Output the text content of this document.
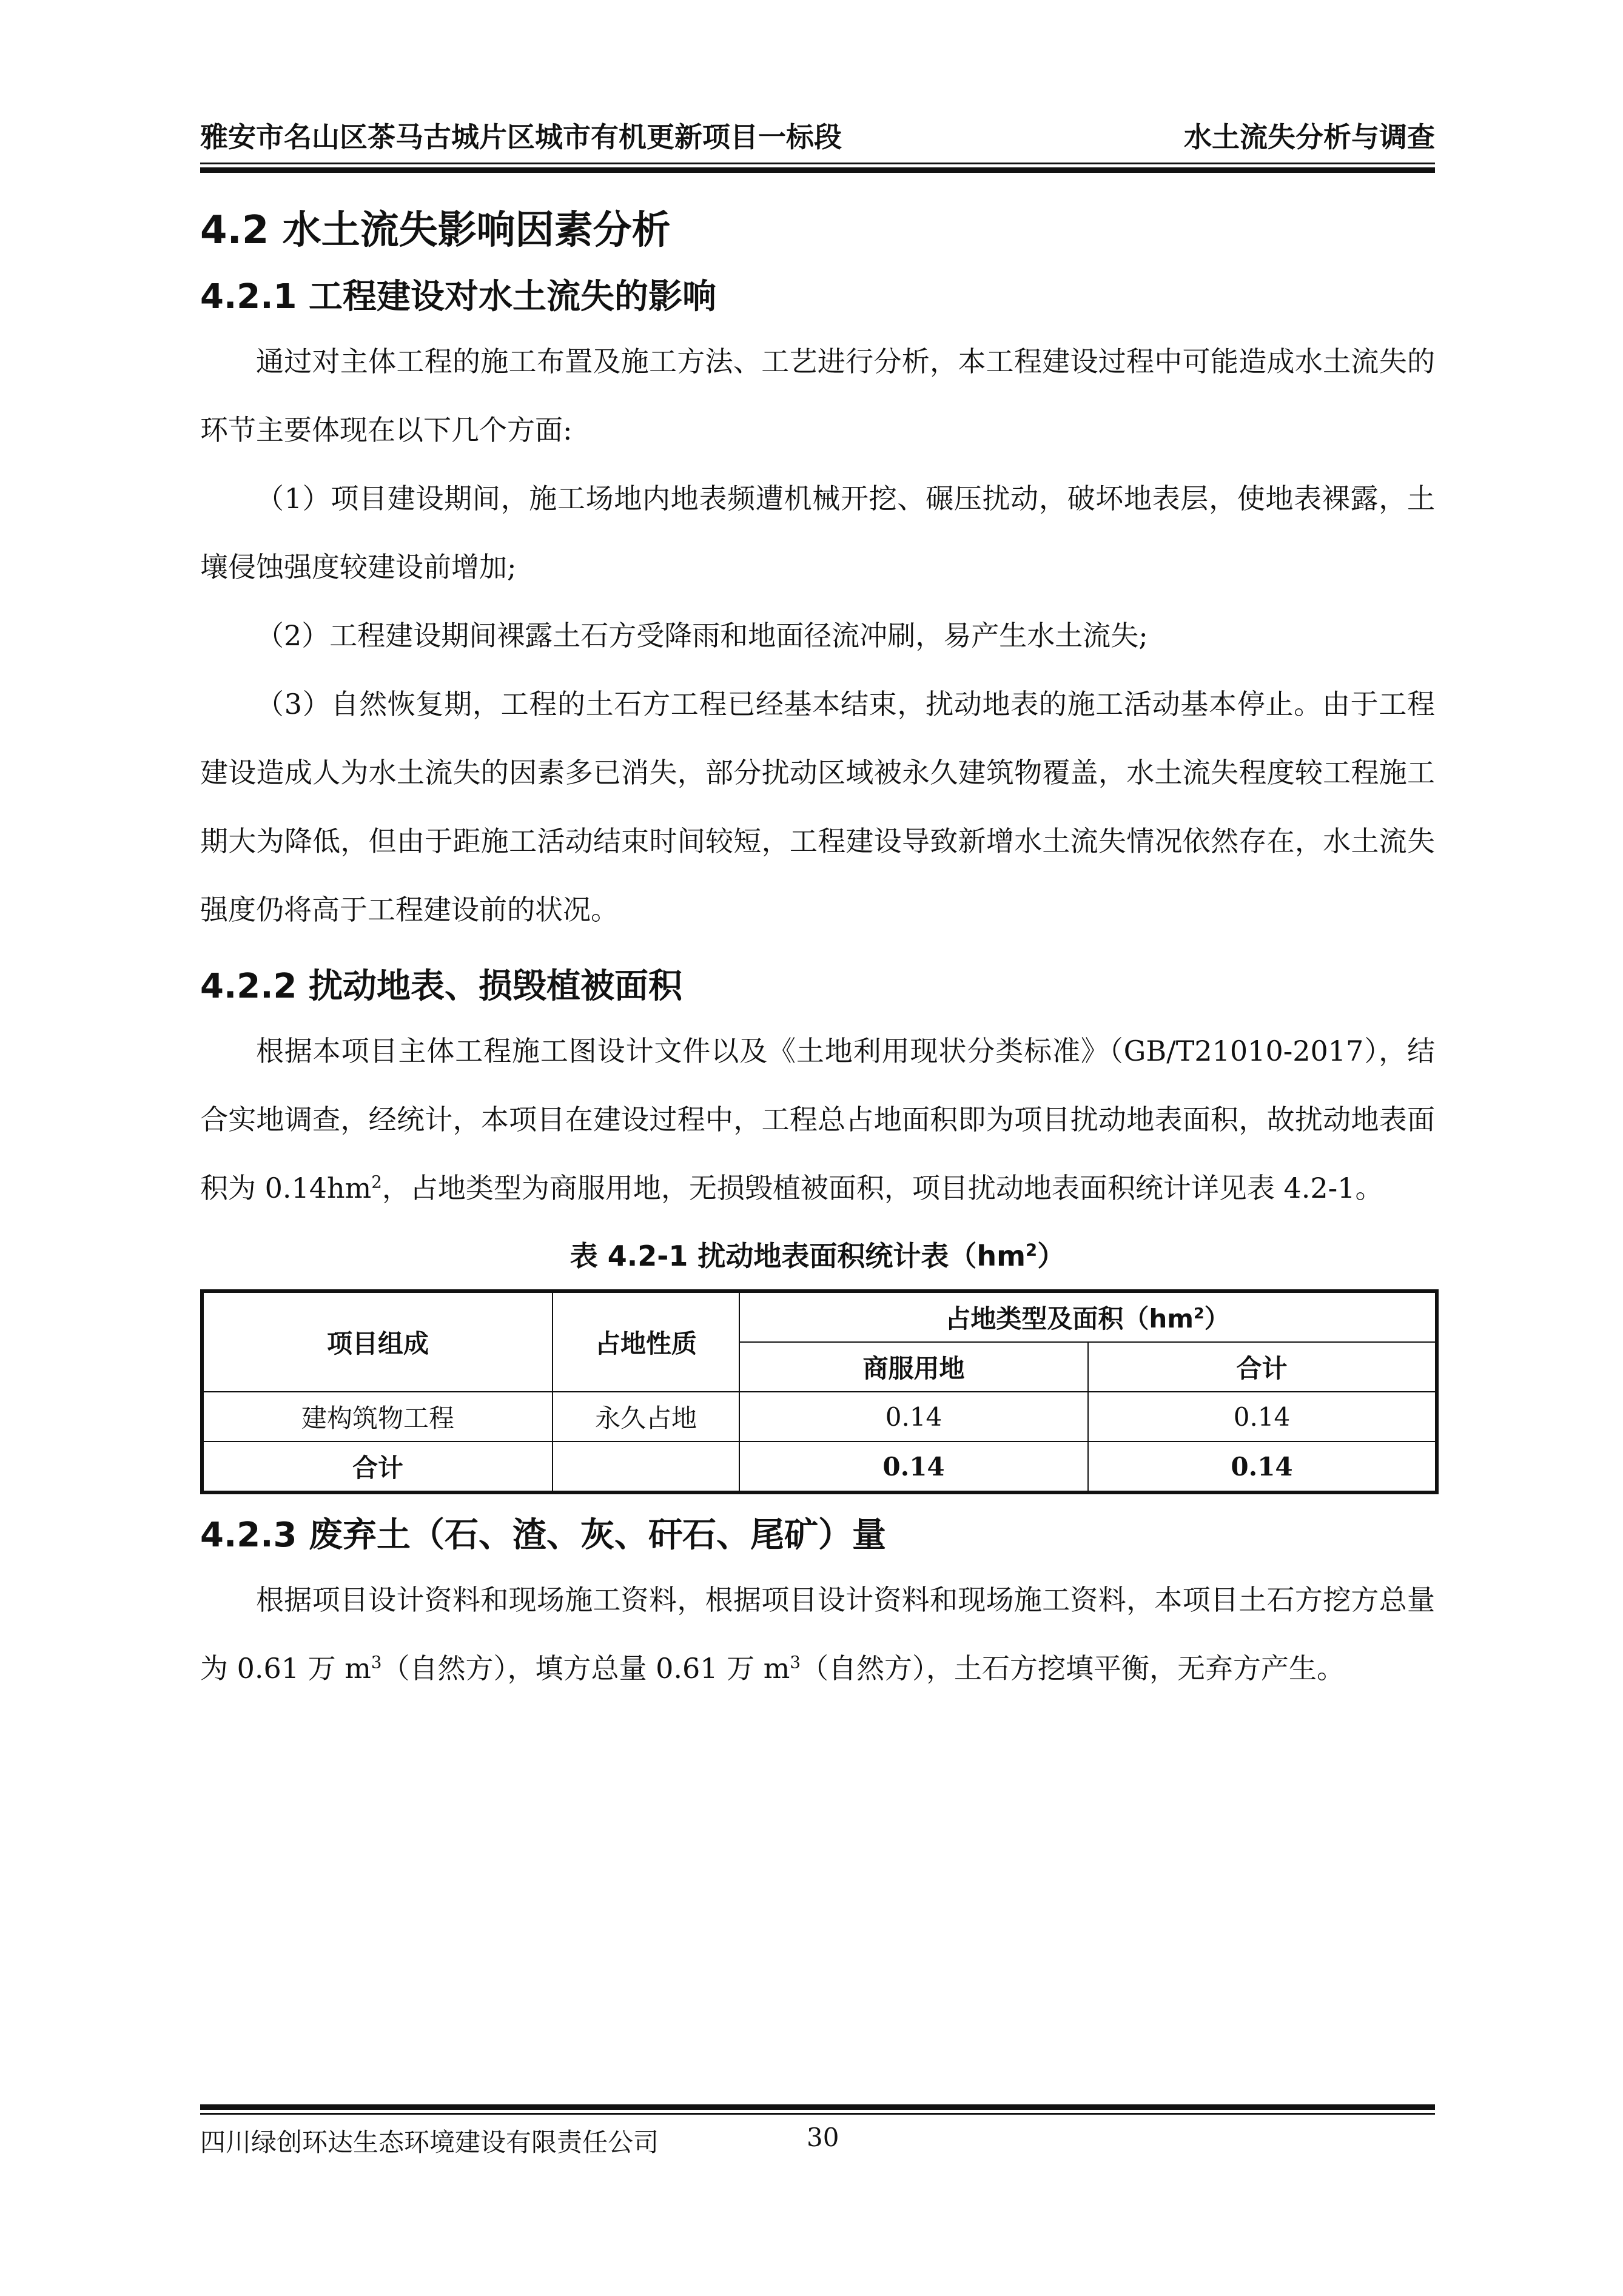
雅安市名山区茶马古城片区城市有机更新项目一标段	水土流失分析与调查
4.2 水土流失影响因素分析
4.2.1 工程建设对水土流失的影响

通过对主体工程的施工布置及施工方法、工艺进行分析，本工程建设过程中可能造成水土流失的环节主要体现在以下几个方面:

（1）项目建设期间，施工场地内地表频遭机械开挖、碾压扰动，破坏地表层，使地表裸露，土壤侵蚀强度较建设前增加;

（2）工程建设期间裸露土石方受降雨和地面径流冲刷，易产生水土流失;

（3）自然恢复期，工程的土石方工程已经基本结束，扰动地表的施工活动基本停止。由于工程建设造成人为水土流失的因素多已消失，部分扰动区域被永久建筑物覆盖，水土流失程度较工程施工期大为降低，但由于距施工活动结束时间较短，工程建设导致新增水土流失情况依然存在，水土流失强度仍将高于工程建设前的状况。

4.2.2 扰动地表、损毁植被面积

根据本项目主体工程施工图设计文件以及《土地利用现状分类标准》（GB/T21010-2017），结合实地调查，经统计，本项目在建设过程中，工程总占地面积即为项目扰动地表面积，故扰动地表面积为 $0.14hm^2$，占地类型为商服用地，无损毁植被面积，项目扰动地表面积统计详见表 4.2-1。

表 4.2-1 扰动地表面积统计表$(hm^2)$
项目组成	占地性质	占地类型及面积$(hm^2)$	
		商服用地	合计
建构筑物工程	永久占地	0.14	0.14
合计		0.14	0.14
4.2.3 废弃土（石、渣、灰、矸石、尾矿）量

根据项目设计资料和现场施工资料，根据项目设计资料和现场施工资料，本项目土石方挖方总量为 0.61 万 $m^3$（自然方），填方总量 0.61 万 $m^3$（自然方），土石方挖填平衡，无弃方产生。

四川绿创环达生态环境建设有限责任公司	30
